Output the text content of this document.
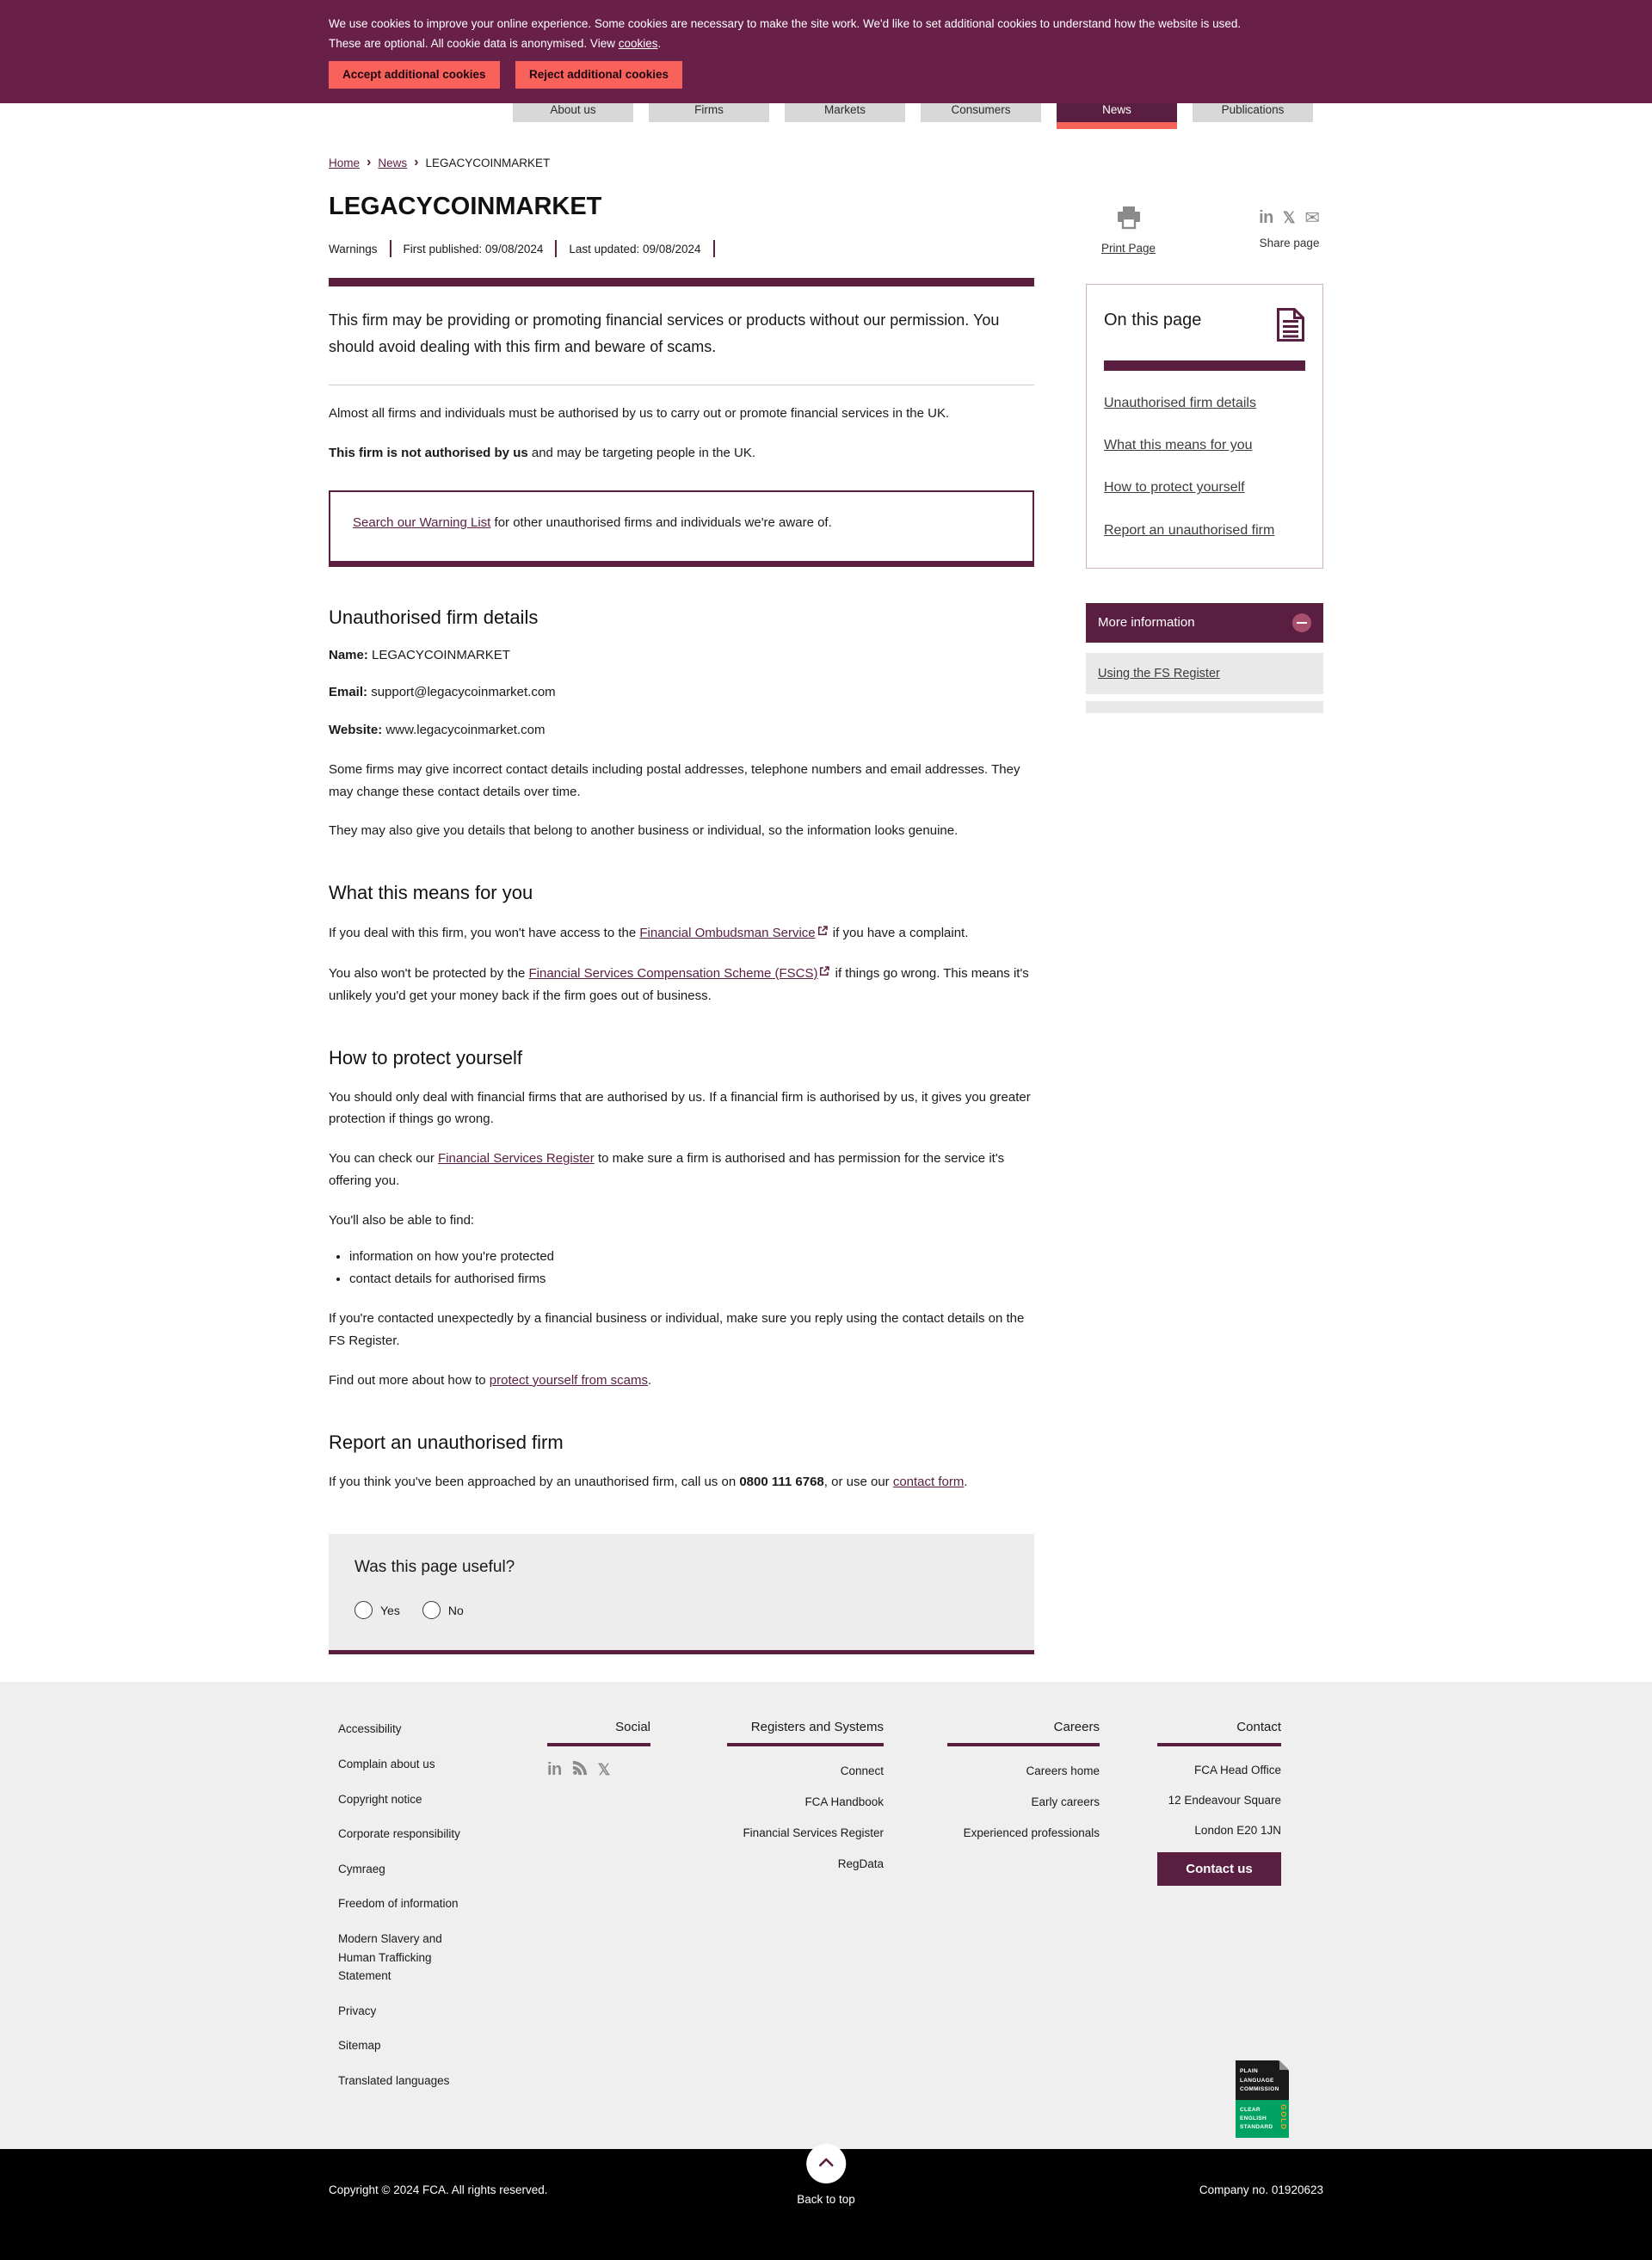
About us	Firms	Markets	Consumers	News	Publications
We use cookies to improve your online experience. Some cookies are necessary to make the site work. We'd like to set additional cookies to understand how the website is used. These are optional. All cookie data is anonymised. View cookies.
Accept additional cookies	Reject additional cookies
Home › News › LEGACYCOINMARKET
LEGACYCOINMARKET
Warnings First published: 09/08/2024 Last updated: 09/08/2024

This firm may be providing or promoting financial services or products without our permission. You should avoid dealing with this firm and beware of scams.

Almost all firms and individuals must be authorised by us to carry out or promote financial services in the UK.

This firm is not authorised by us and may be targeting people in the UK.

Search our Warning List for other unauthorised firms and individuals we're aware of.
Unauthorised firm details

Name: LEGACYCOINMARKET

Email: support@legacycoinmarket.com

Website: www.legacycoinmarket.com

Some firms may give incorrect contact details including postal addresses, telephone numbers and email addresses. They may change these contact details over time.

They may also give you details that belong to another business or individual, so the information looks genuine.

What this means for you

If you deal with this firm, you won't have access to the Financial Ombudsman Service if you have a complaint.

You also won't be protected by the Financial Services Compensation Scheme (FSCS) if things go wrong. This means it's unlikely you'd get your money back if the firm goes out of business.

How to protect yourself

You should only deal with financial firms that are authorised by us. If a financial firm is authorised by us, it gives you greater protection if things go wrong.

You can check our Financial Services Register to make sure a firm is authorised and has permission for the service it's offering you.

You'll also be able to find:

• information on how you're protected
• contact details for authorised firms

If you're contacted unexpectedly by a financial business or individual, make sure you reply using the contact details on the FS Register.

Find out more about how to protect yourself from scams.

Report an unauthorised firm

If you think you've been approached by an unauthorised firm, call us on 0800 111 6768, or use our contact form.

Was this page useful?
Yes	No
Print Page
in 𝕏 ✉
Share page
On this page
Unauthorised firm details
What this means for you
How to protect yourself
Report an unauthorised firm
More information
Using the FS Register
Accessibility
Complain about us
Copyright notice
Corporate responsibility
Cymraeg
Freedom of information
Modern Slavery and Human Trafficking Statement
Privacy
Sitemap
Translated languages
Social
in 𝕏
Registers and Systems
Connect
FCA Handbook
Financial Services Register
RegData
Careers
Careers home
Early careers
Experienced professionals
Contact
FCA Head Office
12 Endeavour Square
London E20 1JN
Contact us
PLAIN
LANGUAGE
COMMISSION
CLEAR
ENGLISH
STANDARD GOLD
Back to top
Copyright © 2024 FCA. All rights reserved.	Company no. 01920623
